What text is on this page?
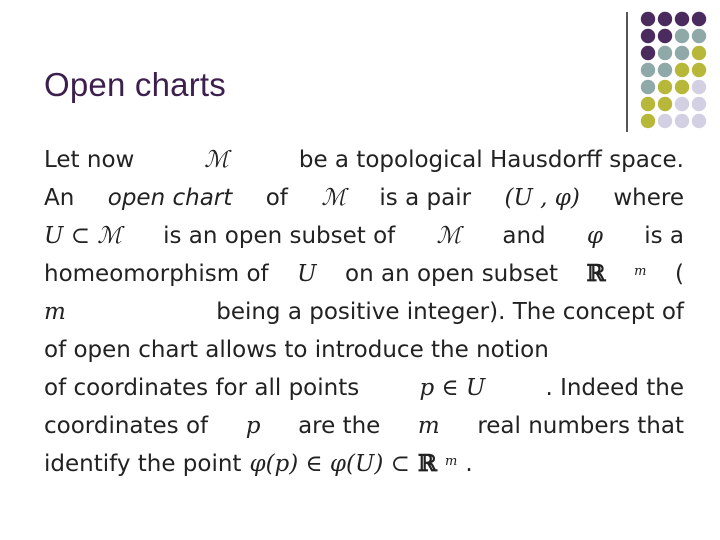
Open charts
Let now	ℳ	be a topological Hausdorff space.
An open chart of ℳ is a pair (U , φ) where
U ⊂ ℳ is an open subset of ℳ and φ is a
homeomorphism of U on an open subset ℝ $^m$ (
m	being a positive integer). The concept of
of open chart allows to introduce the notion
of coordinates for all points	p ∈ U	. Indeed the
coordinates of p are the m real numbers that
identify the point φ(p) ∈ φ(U) ⊂ ℝ $^m$ .
